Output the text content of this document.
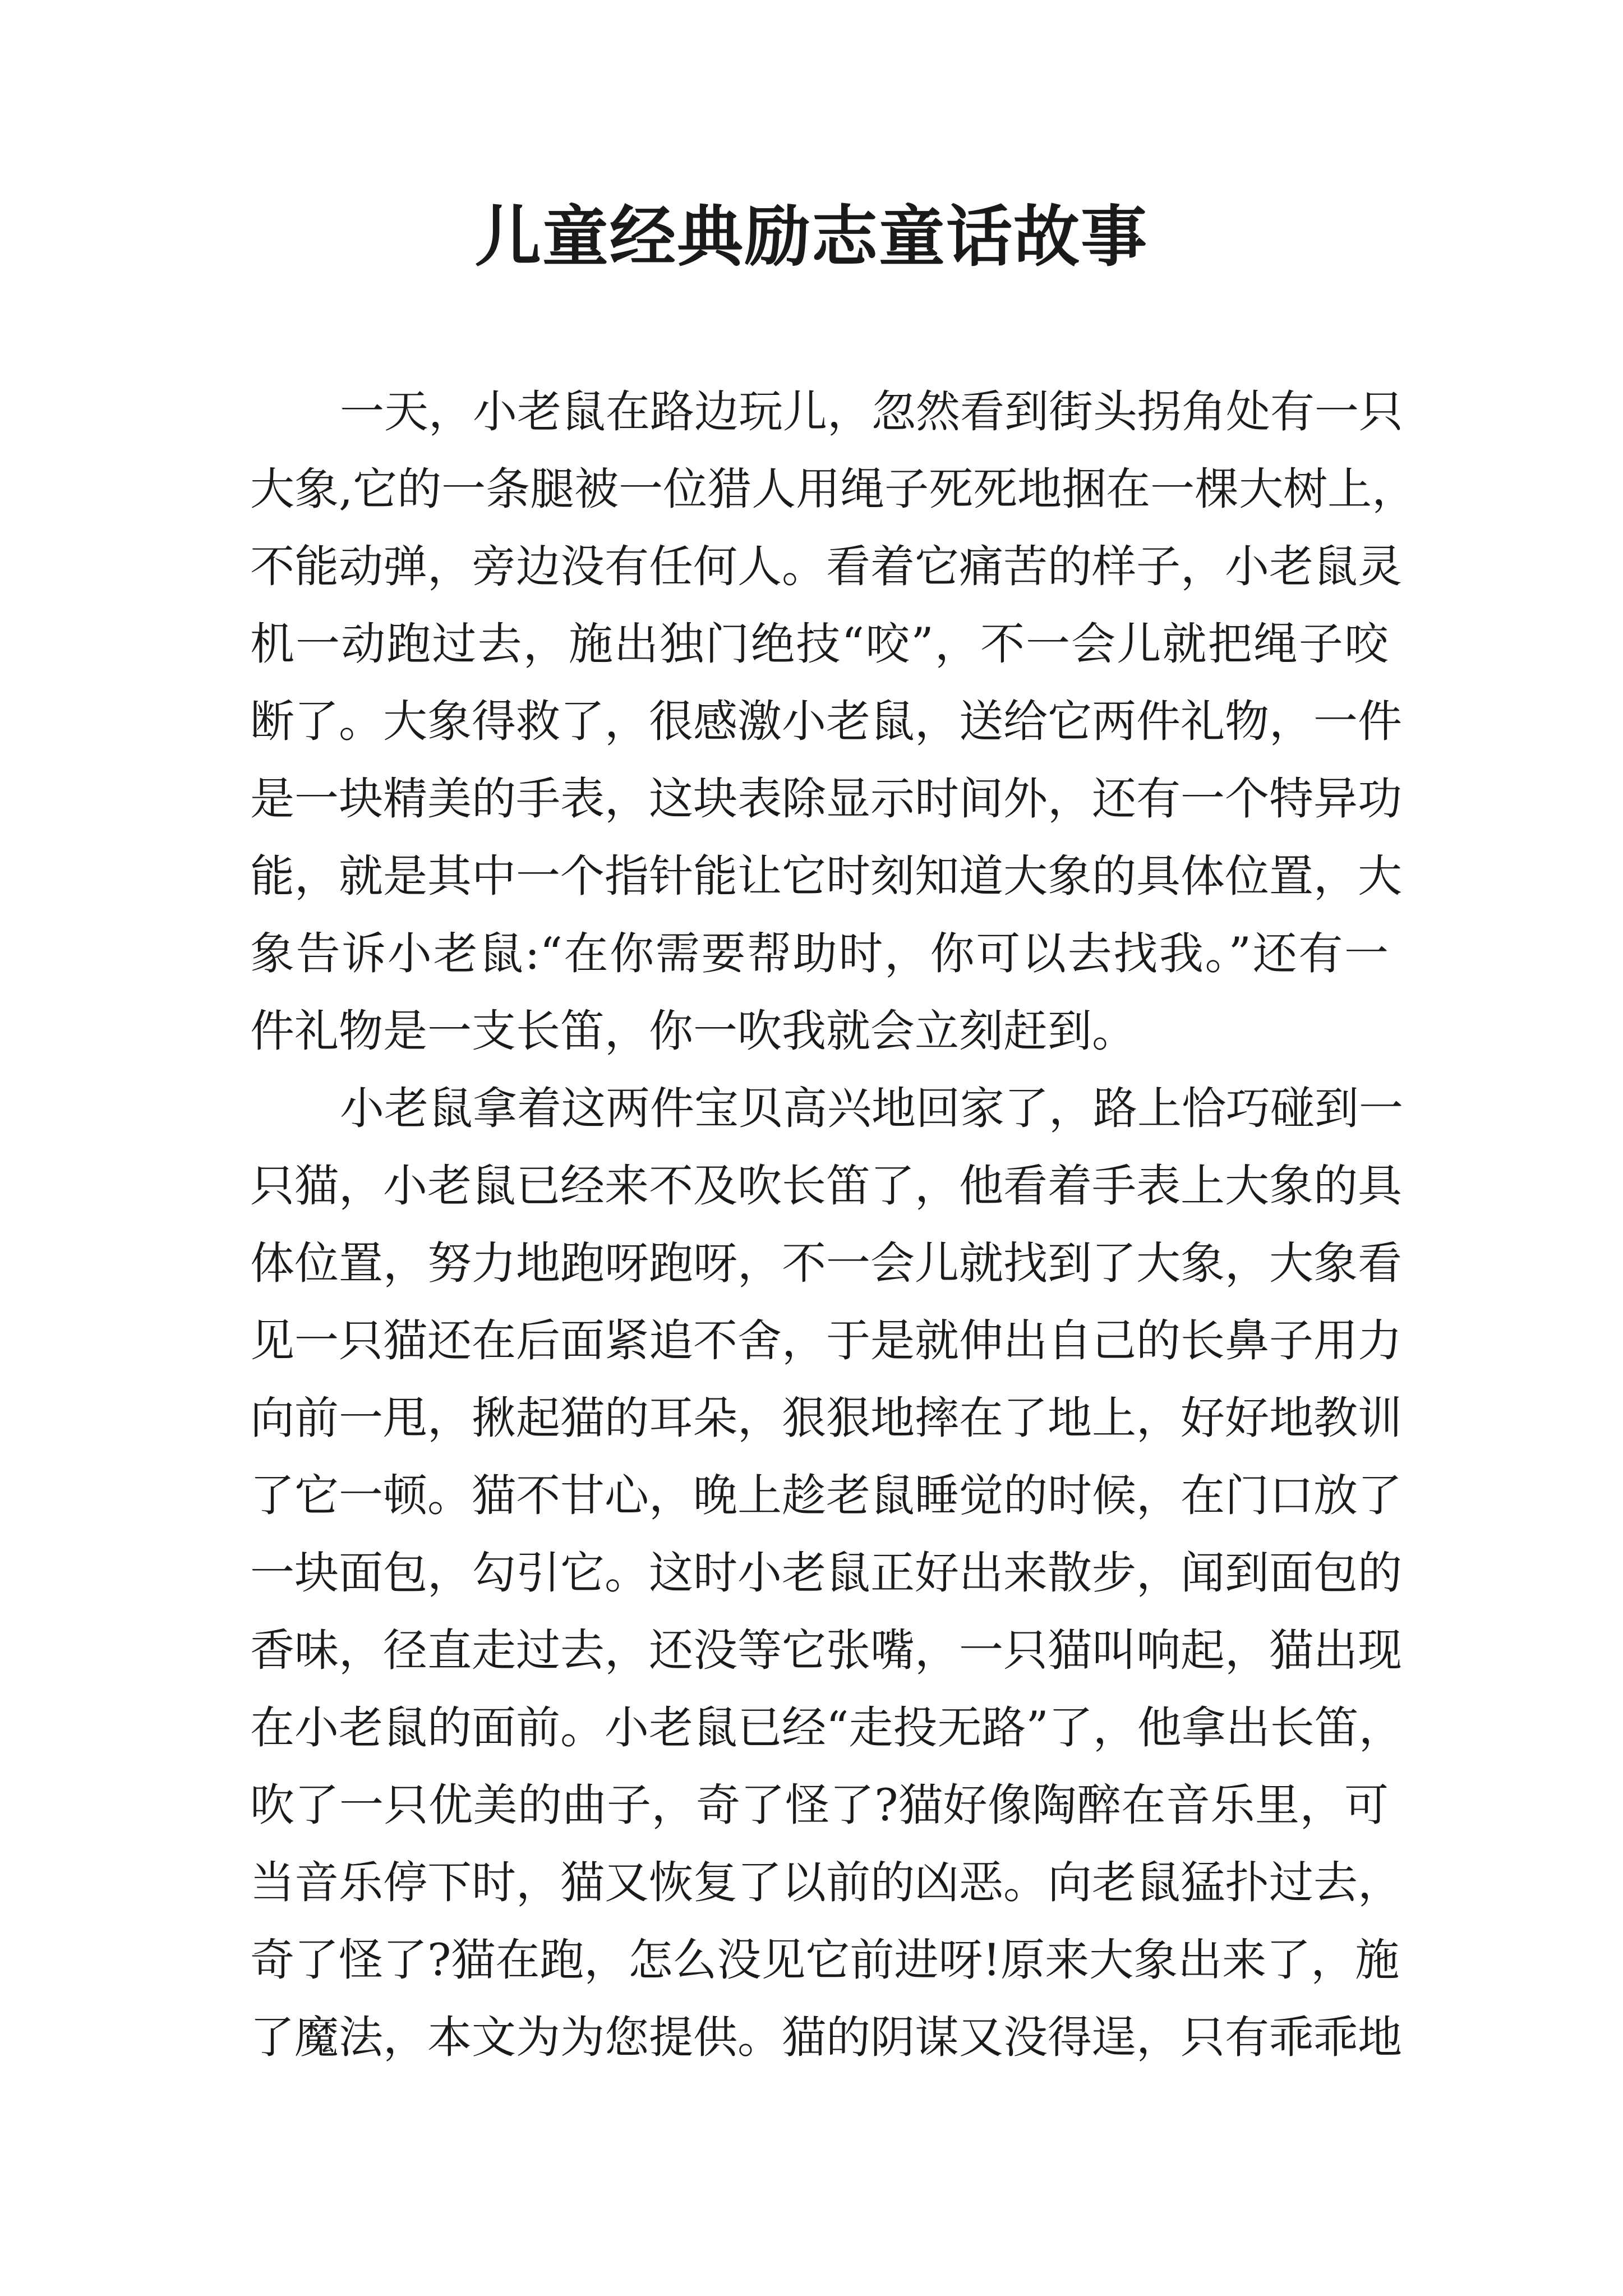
儿童经典励志童话故事

一天，小老鼠在路边玩儿，忽然看到街头拐角处有一只

大象,它的一条腿被一位猎人用绳子死死地捆在一棵大树上，

不能动弹，旁边没有任何人。看着它痛苦的样子，小老鼠灵

机一动跑过去，施出独门绝技“咬”，不一会儿就把绳子咬

断了。大象得救了，很感激小老鼠，送给它两件礼物，一件

是一块精美的手表，这块表除显示时间外，还有一个特异功

能，就是其中一个指针能让它时刻知道大象的具体位置，大

象告诉小老鼠:“在你需要帮助时，你可以去找我。”还有一

件礼物是一支长笛，你一吹我就会立刻赶到。

小老鼠拿着这两件宝贝高兴地回家了，路上恰巧碰到一

只猫，小老鼠已经来不及吹长笛了，他看着手表上大象的具

体位置，努力地跑呀跑呀，不一会儿就找到了大象，大象看

见一只猫还在后面紧追不舍，于是就伸出自己的长鼻子用力

向前一甩，揪起猫的耳朵，狠狠地摔在了地上，好好地教训

了它一顿。猫不甘心，晚上趁老鼠睡觉的时候，在门口放了

一块面包，勾引它。这时小老鼠正好出来散步，闻到面包的

香味，径直走过去，还没等它张嘴，一只猫叫响起，猫出现

在小老鼠的面前。小老鼠已经“走投无路”了，他拿出长笛，

吹了一只优美的曲子，奇了怪了?猫好像陶醉在音乐里，可

当音乐停下时，猫又恢复了以前的凶恶。向老鼠猛扑过去，

奇了怪了?猫在跑，怎么没见它前进呀!原来大象出来了，施

了魔法，本文为为您提供。猫的阴谋又没得逞，只有乖乖地
